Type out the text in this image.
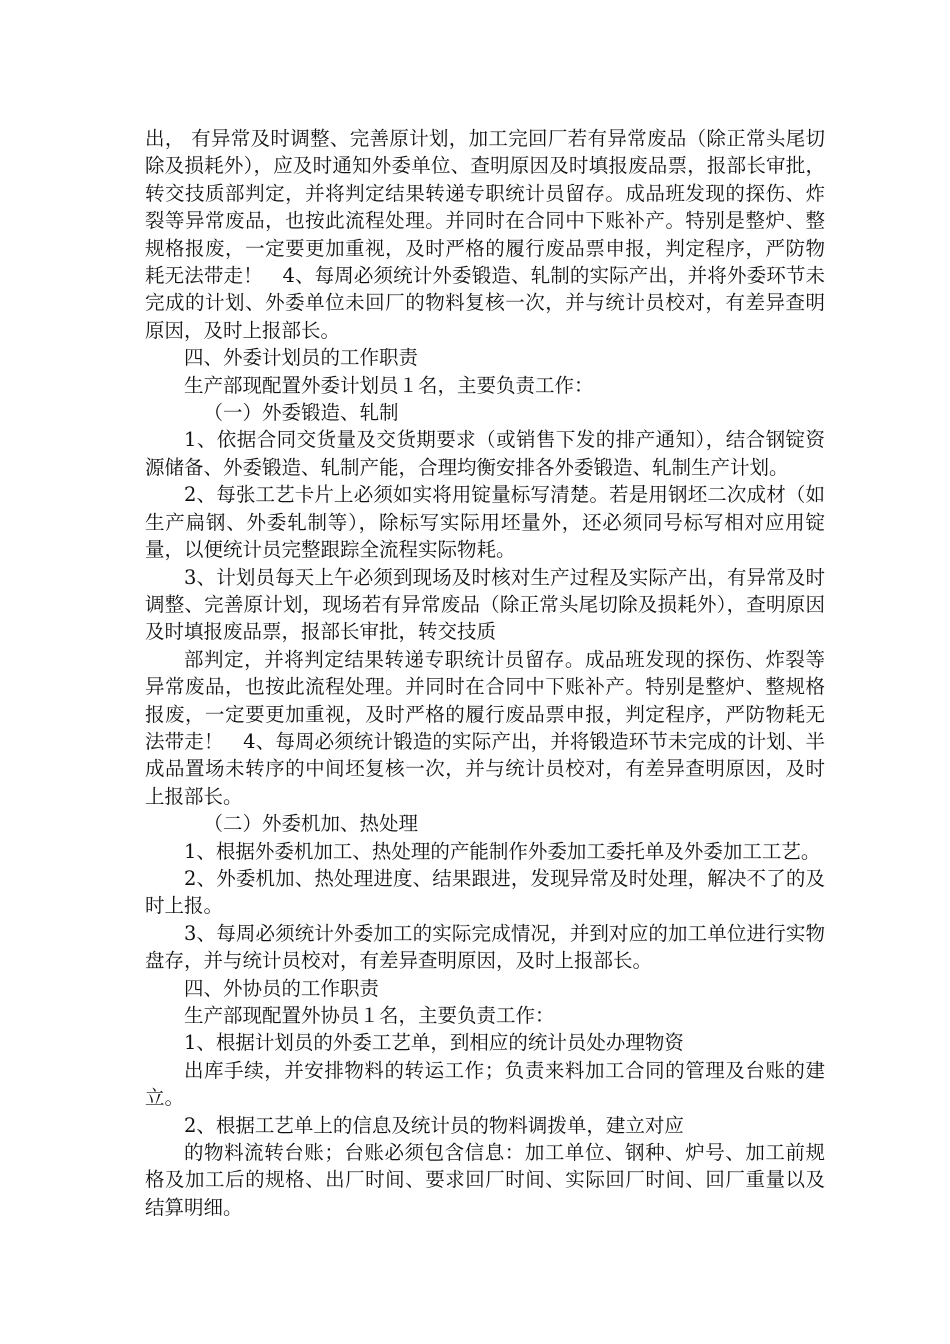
出， 有异常及时调整、完善原计划，加工完回厂若有异常废品（除正常头尾切除及损耗外），应及时通知外委单位、查明原因及时填报废品票，报部长审批，转交技质部判定，并将判定结果转递专职统计员留存。成品班发现的探伤、炸裂等异常废品，也按此流程处理。并同时在合同中下账补产。特别是整炉、整规格报废，一定要更加重视，及时严格的履行废品票申报，判定程序，严防物耗无法带走！　4、每周必须统计外委锻造、轧制的实际产出，并将外委环节未完成的计划、外委单位未回厂的物料复核一次，并与统计员校对，有差异查明原因，及时上报部长。

四、外委计划员的工作职责

生产部现配置外委计划员１名，主要负责工作：

（一）外委锻造、轧制

1、依据合同交货量及交货期要求（或销售下发的排产通知），结合钢锭资源储备、外委锻造、轧制产能，合理均衡安排各外委锻造、轧制生产计划。

2、每张工艺卡片上必须如实将用锭量标写清楚。若是用钢坯二次成材（如生产扁钢、外委轧制等），除标写实际用坯量外，还必须同号标写相对应用锭量，以便统计员完整跟踪全流程实际物耗。

3、计划员每天上午必须到现场及时核对生产过程及实际产出，有异常及时调整、完善原计划，现场若有异常废品（除正常头尾切除及损耗外），查明原因及时填报废品票，报部长审批，转交技质

部判定，并将判定结果转递专职统计员留存。成品班发现的探伤、炸裂等异常废品，也按此流程处理。并同时在合同中下账补产。特别是整炉、整规格报废，一定要更加重视，及时严格的履行废品票申报，判定程序，严防物耗无法带走！　4、每周必须统计锻造的实际产出，并将锻造环节未完成的计划、半成品置场未转序的中间坯复核一次，并与统计员校对，有差异查明原因，及时上报部长。

（二）外委机加、热处理

1、根据外委机加工、热处理的产能制作外委加工委托单及外委加工工艺。

2、外委机加、热处理进度、结果跟进，发现异常及时处理，解决不了的及时上报。

3、每周必须统计外委加工的实际完成情况，并到对应的加工单位进行实物盘存，并与统计员校对，有差异查明原因，及时上报部长。

四、外协员的工作职责

生产部现配置外协员１名，主要负责工作：

1、根据计划员的外委工艺单，到相应的统计员处办理物资

出库手续，并安排物料的转运工作；负责来料加工合同的管理及台账的建立。

2、根据工艺单上的信息及统计员的物料调拨单，建立对应

的物料流转台账；台账必须包含信息：加工单位、钢种、炉号、加工前规格及加工后的规格、出厂时间、要求回厂时间、实际回厂时间、回厂重量以及结算明细。
